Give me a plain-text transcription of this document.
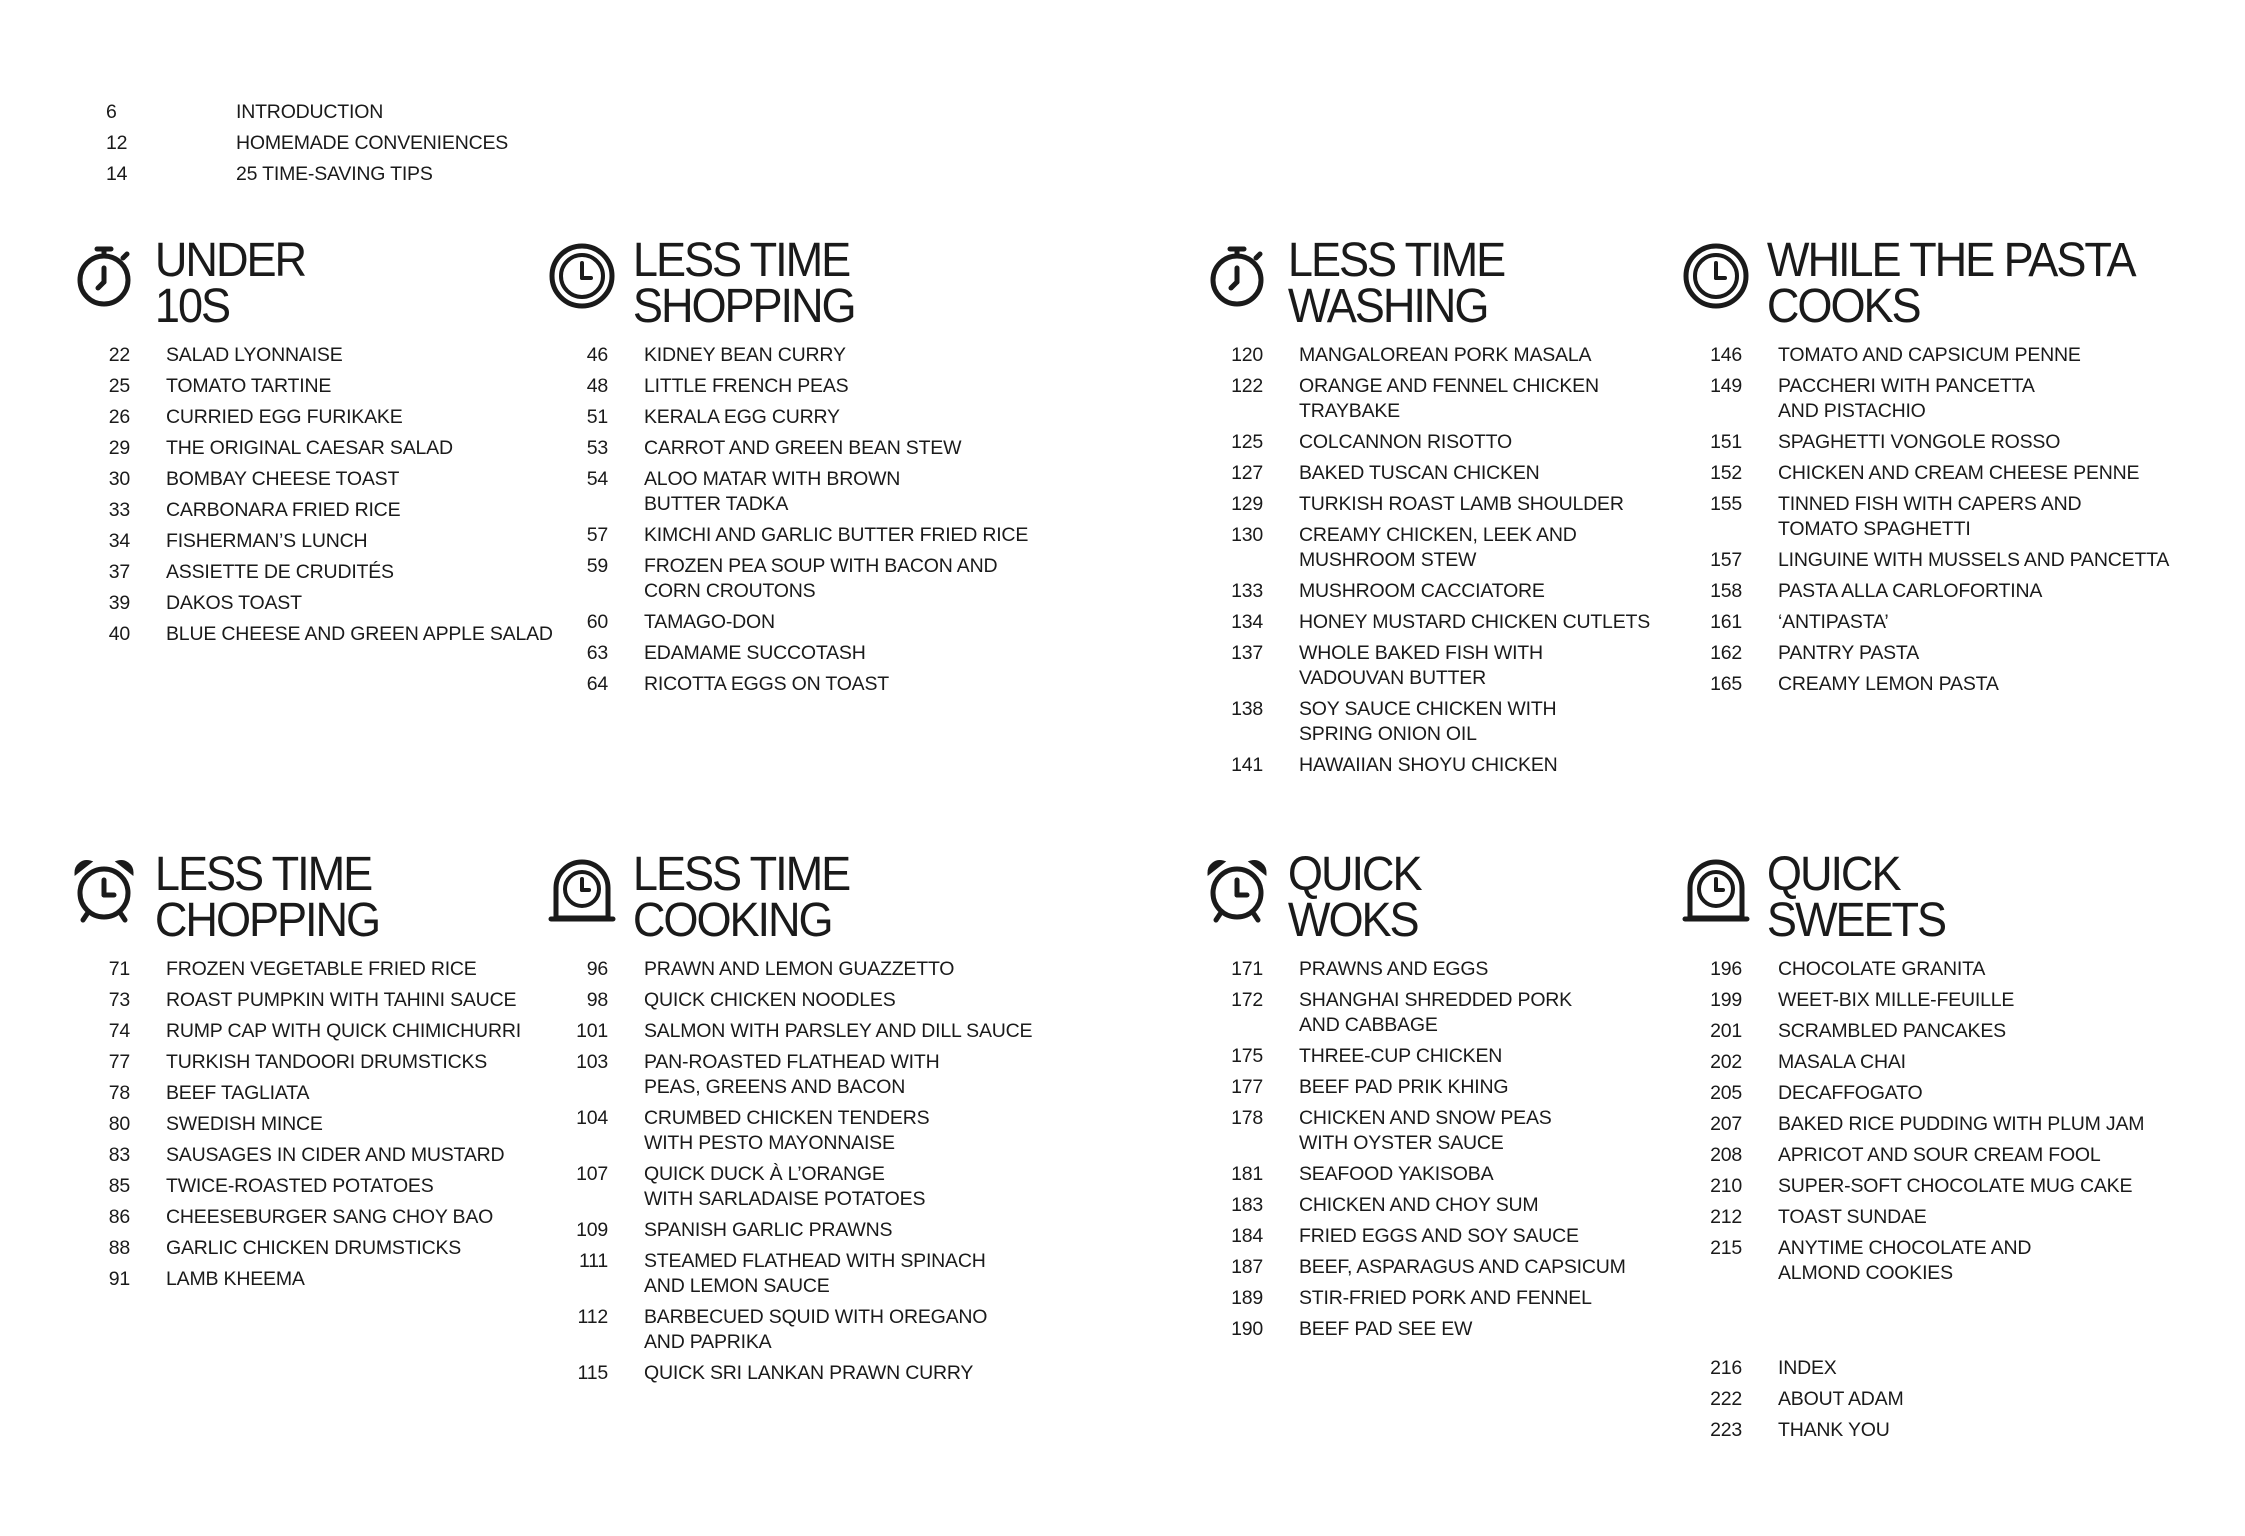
6	INTRODUCTION
12	HOMEMADE CONVENIENCES
14	25 TIME-SAVING TIPS
UNDER
10S
22	SALAD LYONNAISE
25	TOMATO TARTINE
26	CURRIED EGG FURIKAKE
29	THE ORIGINAL CAESAR SALAD
30	BOMBAY CHEESE TOAST
33	CARBONARA FRIED RICE
34	FISHERMAN’S LUNCH
37	ASSIETTE DE CRUDITÉS
39	DAKOS TOAST
40	BLUE CHEESE AND GREEN APPLE SALAD
LESS TIME
SHOPPING
46	KIDNEY BEAN CURRY
48	LITTLE FRENCH PEAS
51	KERALA EGG CURRY
53	CARROT AND GREEN BEAN STEW
54	ALOO MATAR WITH BROWN
BUTTER TADKA
57	KIMCHI AND GARLIC BUTTER FRIED RICE
59	FROZEN PEA SOUP WITH BACON AND
CORN CROUTONS
60	TAMAGO-DON
63	EDAMAME SUCCOTASH
64	RICOTTA EGGS ON TOAST
LESS TIME
WASHING
120	MANGALOREAN PORK MASALA
122	ORANGE AND FENNEL CHICKEN
TRAYBAKE
125	COLCANNON RISOTTO
127	BAKED TUSCAN CHICKEN
129	TURKISH ROAST LAMB SHOULDER
130	CREAMY CHICKEN, LEEK AND
MUSHROOM STEW
133	MUSHROOM CACCIATORE
134	HONEY MUSTARD CHICKEN CUTLETS
137	WHOLE BAKED FISH WITH
VADOUVAN BUTTER
138	SOY SAUCE CHICKEN WITH
SPRING ONION OIL
141	HAWAIIAN SHOYU CHICKEN
WHILE THE PASTA
COOKS
146	TOMATO AND CAPSICUM PENNE
149	PACCHERI WITH PANCETTA
AND PISTACHIO
151	SPAGHETTI VONGOLE ROSSO
152	CHICKEN AND CREAM CHEESE PENNE
155	TINNED FISH WITH CAPERS AND
TOMATO SPAGHETTI
157	LINGUINE WITH MUSSELS AND PANCETTA
158	PASTA ALLA CARLOFORTINA
161	‘ANTIPASTA’
162	PANTRY PASTA
165	CREAMY LEMON PASTA
LESS TIME
CHOPPING
71	FROZEN VEGETABLE FRIED RICE
73	ROAST PUMPKIN WITH TAHINI SAUCE
74	RUMP CAP WITH QUICK CHIMICHURRI
77	TURKISH TANDOORI DRUMSTICKS
78	BEEF TAGLIATA
80	SWEDISH MINCE
83	SAUSAGES IN CIDER AND MUSTARD
85	TWICE-ROASTED POTATOES
86	CHEESEBURGER SANG CHOY BAO
88	GARLIC CHICKEN DRUMSTICKS
91	LAMB KHEEMA
LESS TIME
COOKING
96	PRAWN AND LEMON GUAZZETTO
98	QUICK CHICKEN NOODLES
101	SALMON WITH PARSLEY AND DILL SAUCE
103	PAN-ROASTED FLATHEAD WITH
PEAS, GREENS AND BACON
104	CRUMBED CHICKEN TENDERS
WITH PESTO MAYONNAISE
107	QUICK DUCK À L’ORANGE
WITH SARLADAISE POTATOES
109	SPANISH GARLIC PRAWNS
111	STEAMED FLATHEAD WITH SPINACH
AND LEMON SAUCE
112	BARBECUED SQUID WITH OREGANO
AND PAPRIKA
115	QUICK SRI LANKAN PRAWN CURRY
QUICK
WOKS
171	PRAWNS AND EGGS
172	SHANGHAI SHREDDED PORK
AND CABBAGE
175	THREE-CUP CHICKEN
177	BEEF PAD PRIK KHING
178	CHICKEN AND SNOW PEAS
WITH OYSTER SAUCE
181	SEAFOOD YAKISOBA
183	CHICKEN AND CHOY SUM
184	FRIED EGGS AND SOY SAUCE
187	BEEF, ASPARAGUS AND CAPSICUM
189	STIR-FRIED PORK AND FENNEL
190	BEEF PAD SEE EW
QUICK
SWEETS
196	CHOCOLATE GRANITA
199	WEET-BIX MILLE-FEUILLE
201	SCRAMBLED PANCAKES
202	MASALA CHAI
205	DECAFFOGATO
207	BAKED RICE PUDDING WITH PLUM JAM
208	APRICOT AND SOUR CREAM FOOL
210	SUPER-SOFT CHOCOLATE MUG CAKE
212	TOAST SUNDAE
215	ANYTIME CHOCOLATE AND
ALMOND COOKIES
216	INDEX
222	ABOUT ADAM
223	THANK YOU
